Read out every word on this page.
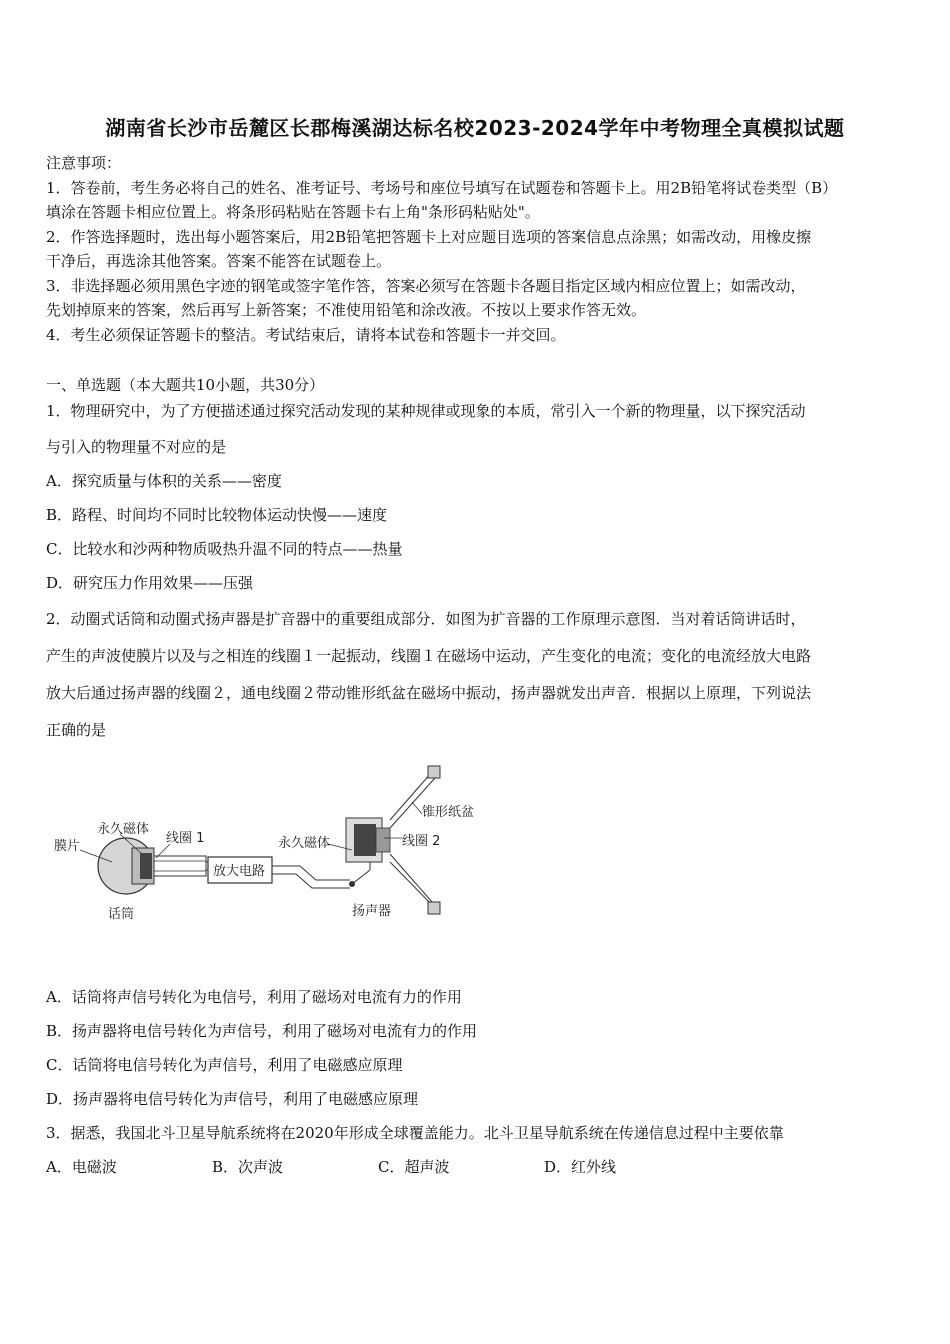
湖南省长沙市岳麓区长郡梅溪湖达标名校2023-2024学年中考物理全真模拟试题
注意事项：
1．答卷前，考生务必将自己的姓名、准考证号、考场号和座位号填写在试题卷和答题卡上。用2B铅笔将试卷类型（B）
填涂在答题卡相应位置上。将条形码粘贴在答题卡右上角"条形码粘贴处"。
2．作答选择题时，选出每小题答案后，用2B铅笔把答题卡上对应题目选项的答案信息点涂黑；如需改动，用橡皮擦
干净后，再选涂其他答案。答案不能答在试题卷上。
3．非选择题必须用黑色字迹的钢笔或签字笔作答，答案必须写在答题卡各题目指定区域内相应位置上；如需改动，
先划掉原来的答案，然后再写上新答案；不准使用铅笔和涂改液。不按以上要求作答无效。
4．考生必须保证答题卡的整洁。考试结束后，请将本试卷和答题卡一并交回。
一、单选题（本大题共10小题，共30分）
1．物理研究中，为了方便描述通过探究活动发现的某种规律或现象的本质，常引入一个新的物理量，以下探究活动
与引入的物理量不对应的是
A．探究质量与体积的关系——密度
B．路程、时间均不同时比较物体运动快慢——速度
C．比较水和沙两种物质吸热升温不同的特点——热量
D．研究压力作用效果——压强
2．动圈式话筒和动圈式扬声器是扩音器中的重要组成部分．如图为扩音器的工作原理示意图．当对着话筒讲话时，
产生的声波使膜片以及与之相连的线圈１一起振动，线圈１在磁场中运动，产生变化的电流；变化的电流经放大电路
放大后通过扬声器的线圈２，通电线圈２带动锥形纸盆在磁场中振动，扬声器就发出声音．根据以上原理，下列说法
正确的是
膜片
永久磁体
线圈 1
话筒
放大电路
永久磁体	线圈 2
锥形纸盆
扬声器
A．话筒将声信号转化为电信号，利用了磁场对电流有力的作用
B．扬声器将电信号转化为声信号，利用了磁场对电流有力的作用
C．话筒将电信号转化为声信号，利用了电磁感应原理
D．扬声器将电信号转化为声信号，利用了电磁感应原理
3．据悉，我国北斗卫星导航系统将在2020年形成全球覆盖能力。北斗卫星导航系统在传递信息过程中主要依靠
A．电磁波	B．次声波	C．超声波	D．红外线
